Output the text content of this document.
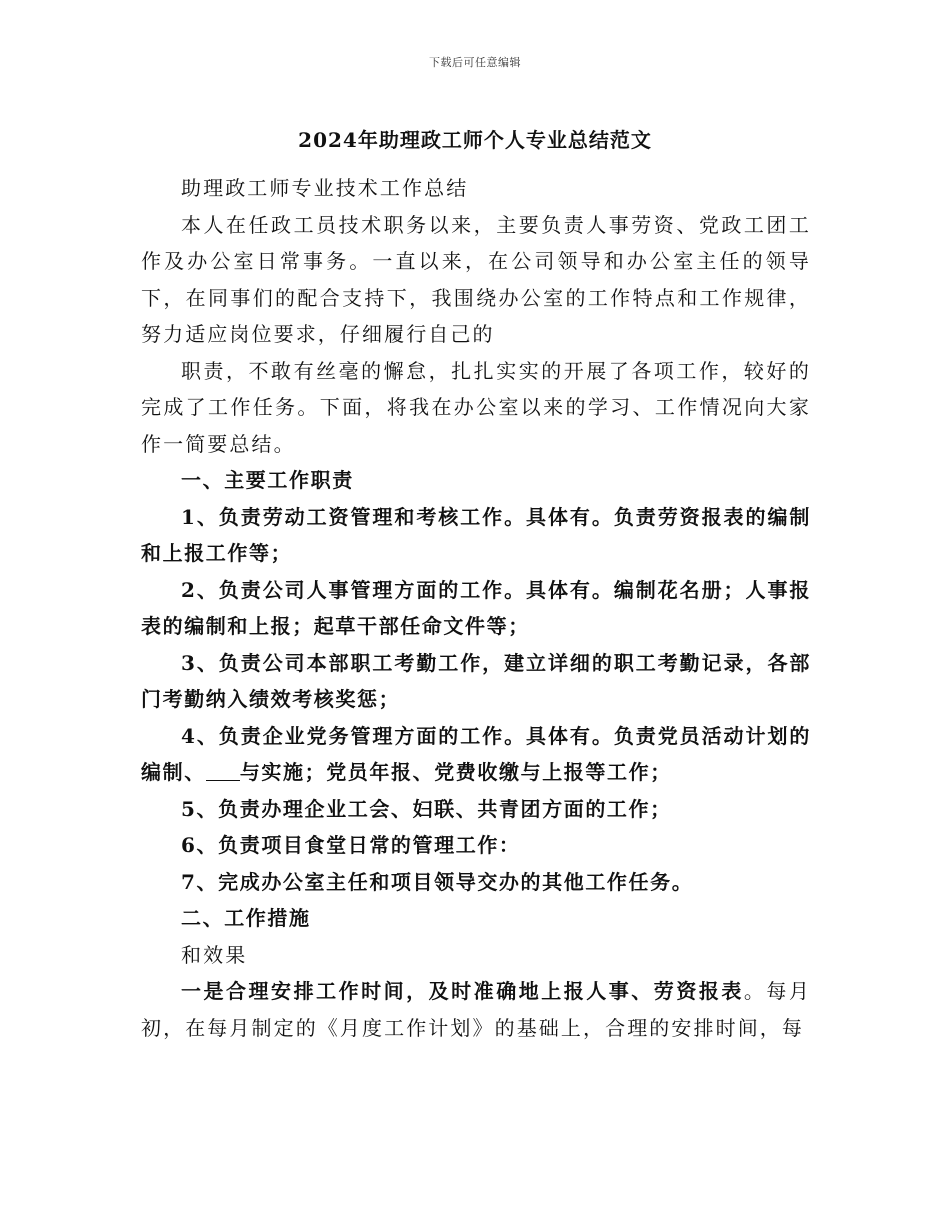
下载后可任意编辑
2024年助理政工师个人专业总结范文

助理政工师专业技术工作总结

本人在任政工员技术职务以来，主要负责人事劳资、党政工团工作及办公室日常事务。一直以来，在公司领导和办公室主任的领导下，在同事们的配合支持下，我围绕办公室的工作特点和工作规律，努力适应岗位要求，仔细履行自己的

职责，不敢有丝毫的懈怠，扎扎实实的开展了各项工作，较好的完成了工作任务。下面，将我在办公室以来的学习、工作情况向大家作一简要总结。

一、主要工作职责

1、负责劳动工资管理和考核工作。具体有。负责劳资报表的编制和上报工作等；

2、负责公司人事管理方面的工作。具体有。编制花名册；人事报表的编制和上报；起草干部任命文件等；

3、负责公司本部职工考勤工作，建立详细的职工考勤记录，各部门考勤纳入绩效考核奖惩；

4、负责企业党务管理方面的工作。具体有。负责党员活动计划的编制、 与实施；党员年报、党费收缴与上报等工作；

5、负责办理企业工会、妇联、共青团方面的工作；

6、负责项目食堂日常的管理工作：

7、完成办公室主任和项目领导交办的其他工作任务。

二、工作措施

和效果

一是合理安排工作时间，及时准确地上报人事、劳资报表。每月初，在每月制定的《月度工作计划》的基础上，合理的安排时间，每
